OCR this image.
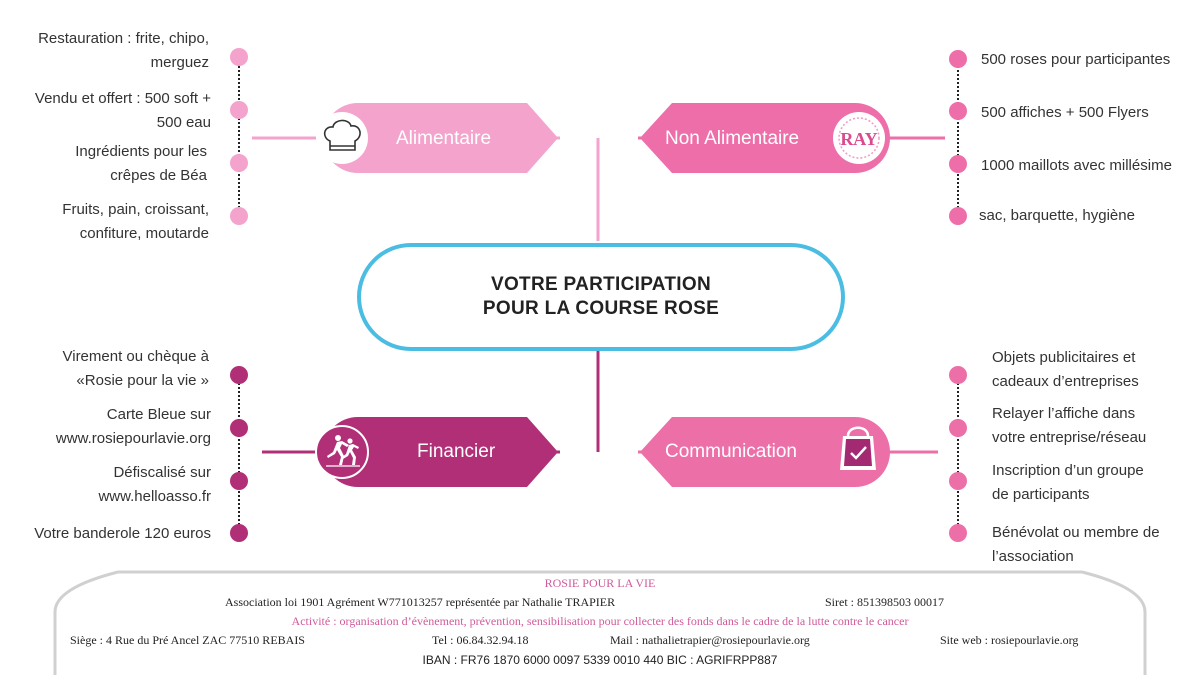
RAY
Alimentaire	Non Alimentaire
Financier	Communication
VOTRE PARTICIPATION
POUR LA COURSE ROSE
Restauration : frite, chipo,
merguez
Vendu et offert : 500 soft +
500 eau
Ingrédients pour les
crêpes de Béa
Fruits, pain, croissant,
confiture, moutarde
500 roses pour participantes
500 affiches + 500 Flyers
1000 maillots avec millésime
sac, barquette, hygiène
Virement ou chèque à
«Rosie pour la vie »
Carte Bleue sur
www.rosiepourlavie.org
Défiscalisé sur
www.helloasso.fr
Votre banderole 120 euros
Objets publicitaires et
cadeaux d’entreprises
Relayer l’affiche dans
votre entreprise/réseau
Inscription d’un groupe
de participants
Bénévolat ou membre de
l’association
ROSIE POUR LA VIE
Association loi 1901 Agrément W771013257 représentée par Nathalie TRAPIER	Siret : 851398503 00017
Activité : organisation d’évènement, prévention, sensibilisation pour collecter des fonds dans le cadre de la lutte contre le cancer
Siège : 4 Rue du Pré Ancel ZAC 77510 REBAIS	Tel : 06.84.32.94.18	Mail : nathalietrapier@rosiepourlavie.org	Site web : rosiepourlavie.org
IBAN : FR76 1870 6000 0097 5339 0010 440 BIC : AGRIFRPP887
